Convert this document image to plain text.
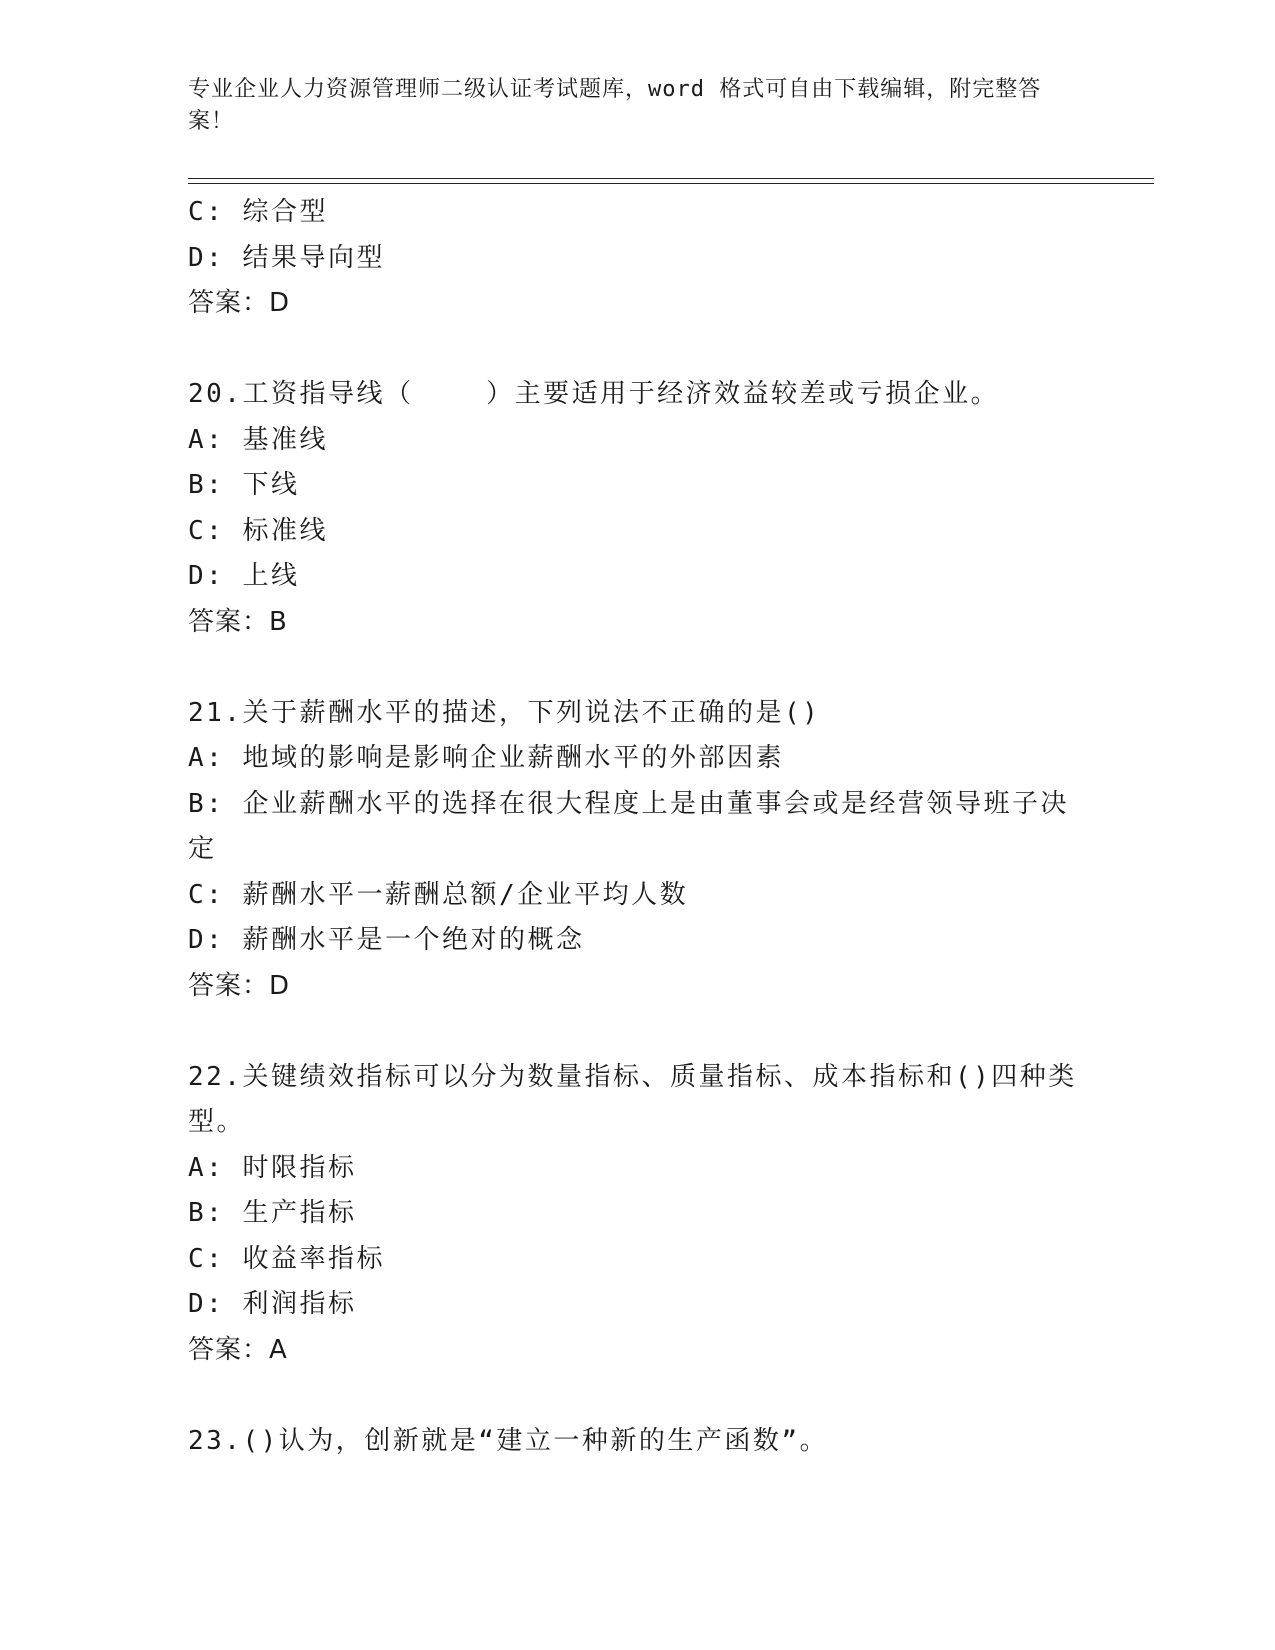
专业企业人力资源管理师二级认证考试题库，word 格式可自由下载编辑，附完整答案！
C: 综合型
D: 结果导向型
答案：D
20.工资指导线（    ）主要适用于经济效益较差或亏损企业。
A: 基准线
B: 下线
C: 标准线
D: 上线
答案：B
21.关于薪酬水平的描述，下列说法不正确的是()
A: 地域的影响是影响企业薪酬水平的外部因素
B: 企业薪酬水平的选择在很大程度上是由董事会或是经营领导班子决定
C: 薪酬水平一薪酬总额/企业平均人数
D: 薪酬水平是一个绝对的概念
答案：D
22.关键绩效指标可以分为数量指标、质量指标、成本指标和()四种类型。
A: 时限指标
B: 生产指标
C: 收益率指标
D: 利润指标
答案：A
23.()认为，创新就是“建立一种新的生产函数”。
